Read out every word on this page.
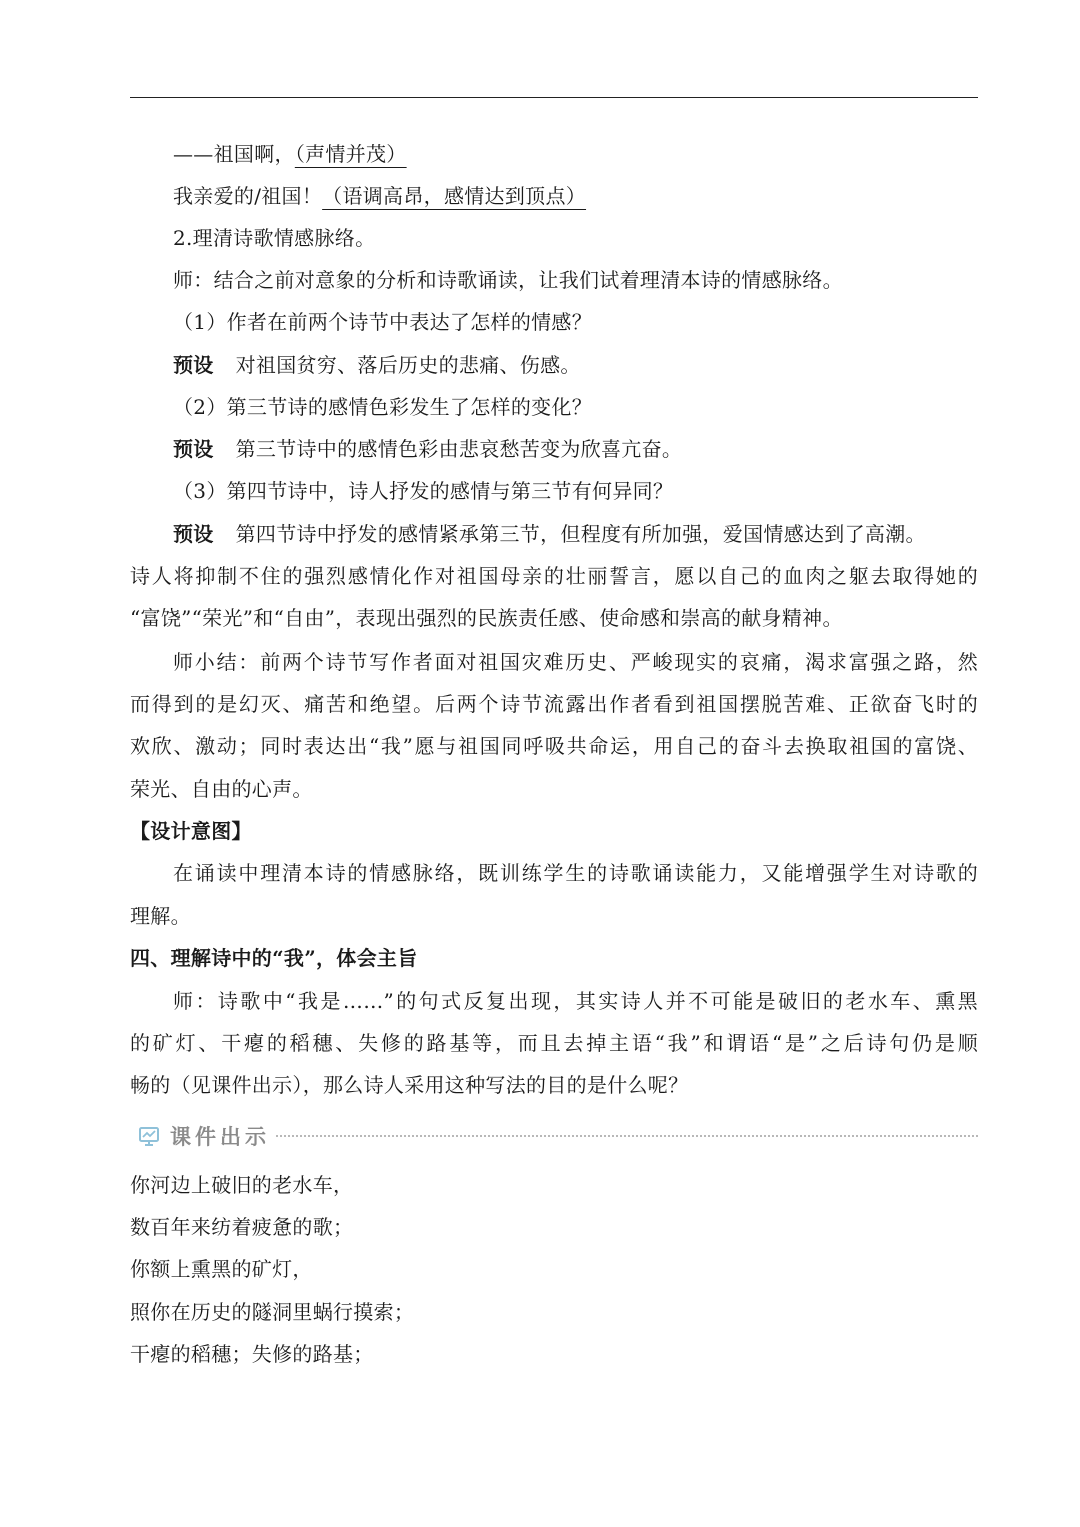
——祖国啊，（声情并茂）
我亲爱的/祖国！（语调高昂，感情达到顶点）
2.理清诗歌情感脉络。
师：结合之前对意象的分析和诗歌诵读，让我们试着理清本诗的情感脉络。
（1）作者在前两个诗节中表达了怎样的情感？
预设 对祖国贫穷、落后历史的悲痛、伤感。
（2）第三节诗的感情色彩发生了怎样的变化？
预设 第三节诗中的感情色彩由悲哀愁苦变为欣喜亢奋。
（3）第四节诗中，诗人抒发的感情与第三节有何异同？
预设 第四节诗中抒发的感情紧承第三节，但程度有所加强，爱国情感达到了高潮。
诗人将抑制不住的强烈感情化作对祖国母亲的壮丽誓言，愿以自己的血肉之躯去取得她的
“富饶”“荣光”和“自由”，表现出强烈的民族责任感、使命感和崇高的献身精神。
师小结：前两个诗节写作者面对祖国灾难历史、严峻现实的哀痛，渴求富强之路，然
而得到的是幻灭、痛苦和绝望。后两个诗节流露出作者看到祖国摆脱苦难、正欲奋飞时的
欢欣、激动；同时表达出“我”愿与祖国同呼吸共命运，用自己的奋斗去换取祖国的富饶、
荣光、自由的心声。
【设计意图】
在诵读中理清本诗的情感脉络，既训练学生的诗歌诵读能力，又能增强学生对诗歌的
理解。
四、理解诗中的“我”，体会主旨
师：诗歌中“我是……”的句式反复出现，其实诗人并不可能是破旧的老水车、熏黑
的矿灯、干瘪的稻穗、失修的路基等，而且去掉主语“我”和谓语“是”之后诗句仍是顺
畅的（见课件出示），那么诗人采用这种写法的目的是什么呢？
课件出示
你河边上破旧的老水车，
数百年来纺着疲惫的歌；
你额上熏黑的矿灯，
照你在历史的隧洞里蜗行摸索；
干瘪的稻穗；失修的路基；
